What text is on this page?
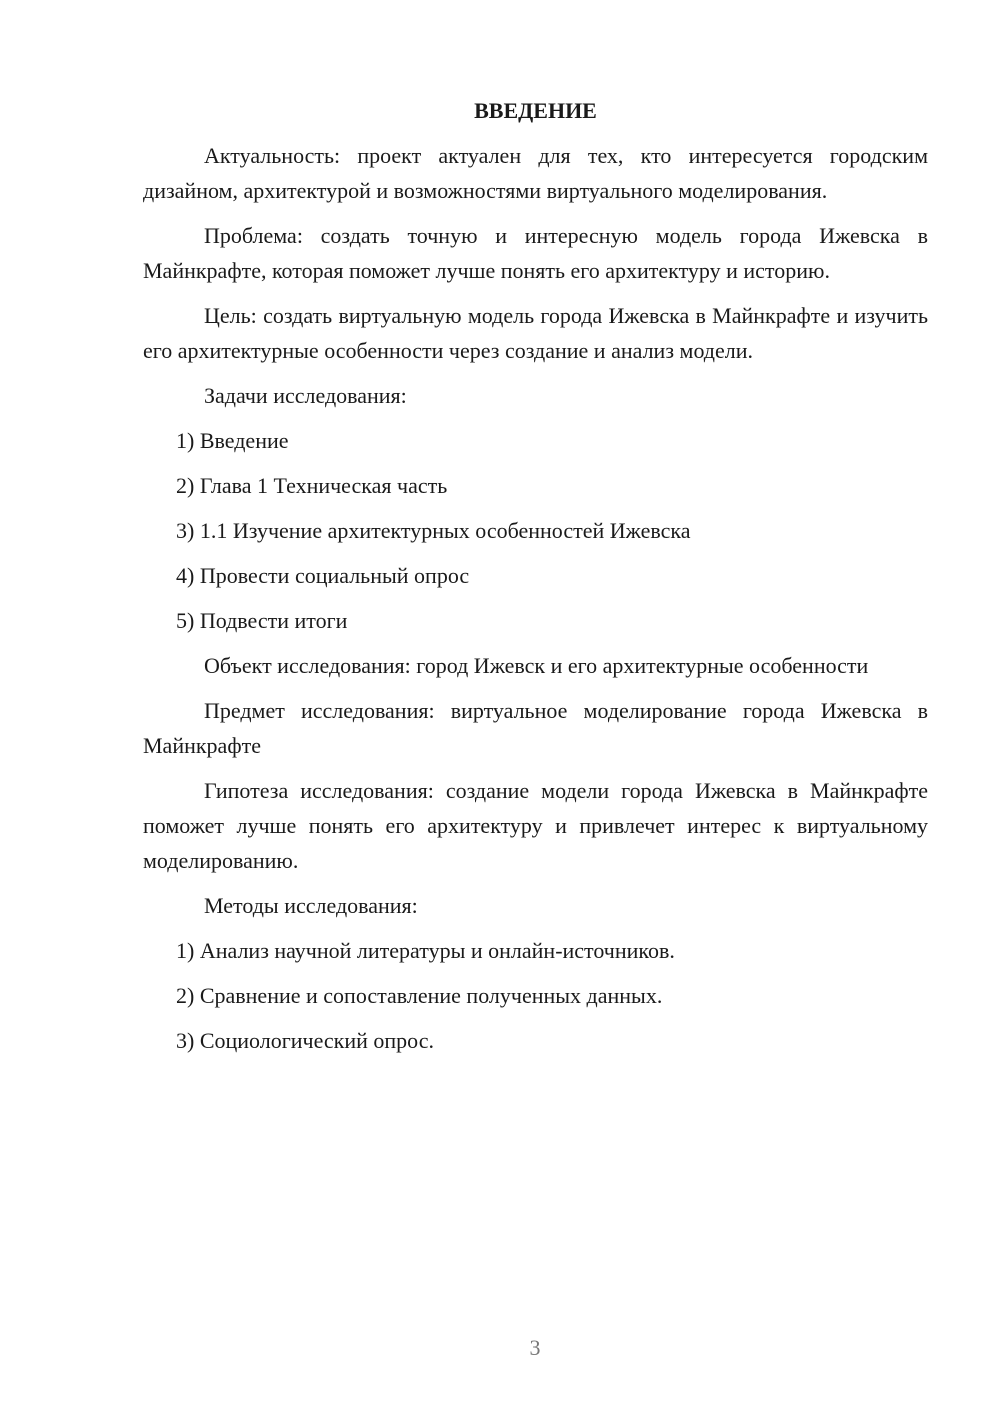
ВВЕДЕНИЕ

Актуальность: проект актуален для тех, кто интересуется городским дизайном, архитектурой и возможностями виртуального моделирования.

Проблема: создать точную и интересную модель города Ижевска в Майнкрафте, которая поможет лучше понять его архитектуру и историю.

Цель: создать виртуальную модель города Ижевска в Майнкрафте и изучить его архитектурные особенности через создание и анализ модели.

Задачи исследования:

1) Введение
2) Глава 1 Техническая часть
3) 1.1 Изучение архитектурных особенностей Ижевска
4) Провести социальный опрос
5) Подвести итоги

Объект исследования: город Ижевск и его архитектурные особенности

Предмет исследования: виртуальное моделирование города Ижевска в Майнкрафте

Гипотеза исследования: создание модели города Ижевска в Майнкрафте поможет лучше понять его архитектуру и привлечет интерес к виртуальному моделированию.

Методы исследования:

1) Анализ научной литературы и онлайн-источников.
2) Сравнение и сопоставление полученных данных.
3) Социологический опрос.
3
